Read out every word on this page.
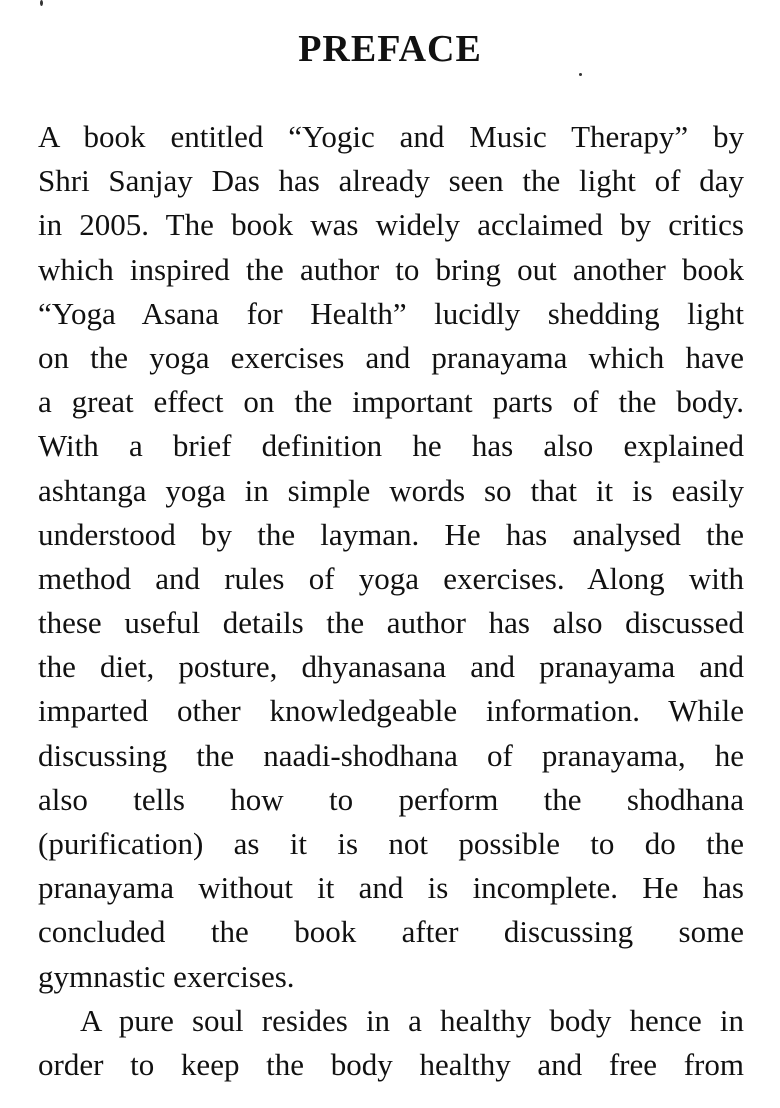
PREFACE
A book entitled “Yogic and Music Therapy” by
Shri Sanjay Das has already seen the light of day
in 2005. The book was widely acclaimed by critics
which inspired the author to bring out another book
“Yoga Asana for Health” lucidly shedding light
on the yoga exercises and pranayama which have
a great effect on the important parts of the body.
With a brief definition he has also explained
ashtanga yoga in simple words so that it is easily
understood by the layman. He has analysed the
method and rules of yoga exercises. Along with
these useful details the author has also discussed
the diet, posture, dhyanasana and pranayama and
imparted other knowledgeable information. While
discussing the naadi-shodhana of pranayama, he
also tells how to perform the shodhana
(purification) as it is not possible to do the
pranayama without it and is incomplete. He has
concluded the book after discussing some
gymnastic exercises.
A pure soul resides in a healthy body hence in
order to keep the body healthy and free from
